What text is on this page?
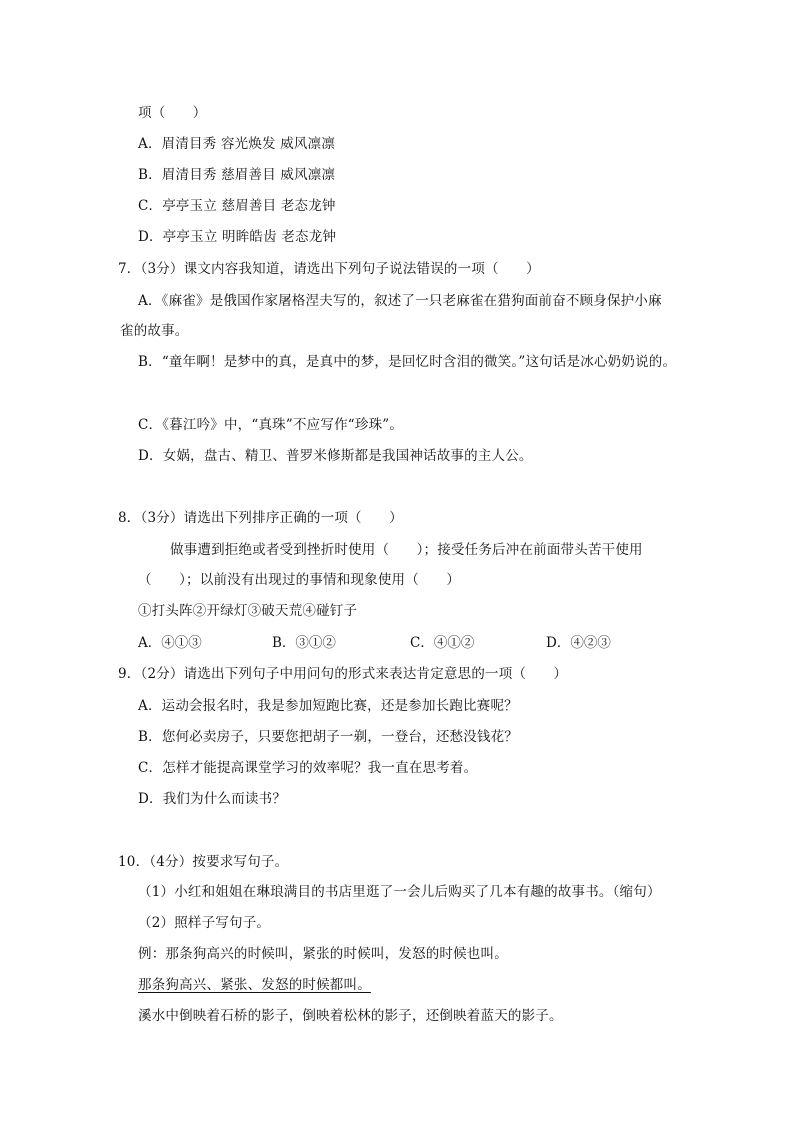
项（　　）
A．眉清目秀 容光焕发 威风凛凛
B．眉清目秀 慈眉善目 威风凛凛
C．亭亭玉立 慈眉善目 老态龙钟
D．亭亭玉立 明眸皓齿 老态龙钟
7．（3分）课文内容我知道，请选出下列句子说法错误的一项（　　）
A．《麻雀》是俄国作家屠格涅夫写的，叙述了一只老麻雀在猎狗面前奋不顾身保护小麻
雀的故事。
B．“童年啊！是梦中的真，是真中的梦，是回忆时含泪的微笑。”这句话是冰心奶奶说的。
C．《暮江吟》中，“真珠”不应写作“珍珠”。
D．女娲，盘古、精卫、普罗米修斯都是我国神话故事的主人公。
8．（3分）请选出下列排序正确的一项（　　）
做事遭到拒绝或者受到挫折时使用（　　）；接受任务后冲在前面带头苦干使用
（　　）；以前没有出现过的事情和现象使用（　　）
①打头阵②开绿灯③破天荒④碰钉子
A．④①③	B．③①②	C．④①②	D．④②③
9．（2分）请选出下列句子中用问句的形式来表达肯定意思的一项（　　）
A．运动会报名时，我是参加短跑比赛，还是参加长跑比赛呢？
B．您何必卖房子，只要您把胡子一剃，一登台，还愁没钱花？
C．怎样才能提高课堂学习的效率呢？我一直在思考着。
D．我们为什么而读书？
10．（4分）按要求写句子。
（1）小红和姐姐在琳琅满目的书店里逛了一会儿后购买了几本有趣的故事书。（缩句）
（2）照样子写句子。
例：那条狗高兴的时候叫，紧张的时候叫，发怒的时候也叫。
那条狗高兴、紧张、发怒的时候都叫。
溪水中倒映着石桥的影子，倒映着松林的影子，还倒映着蓝天的影子。
